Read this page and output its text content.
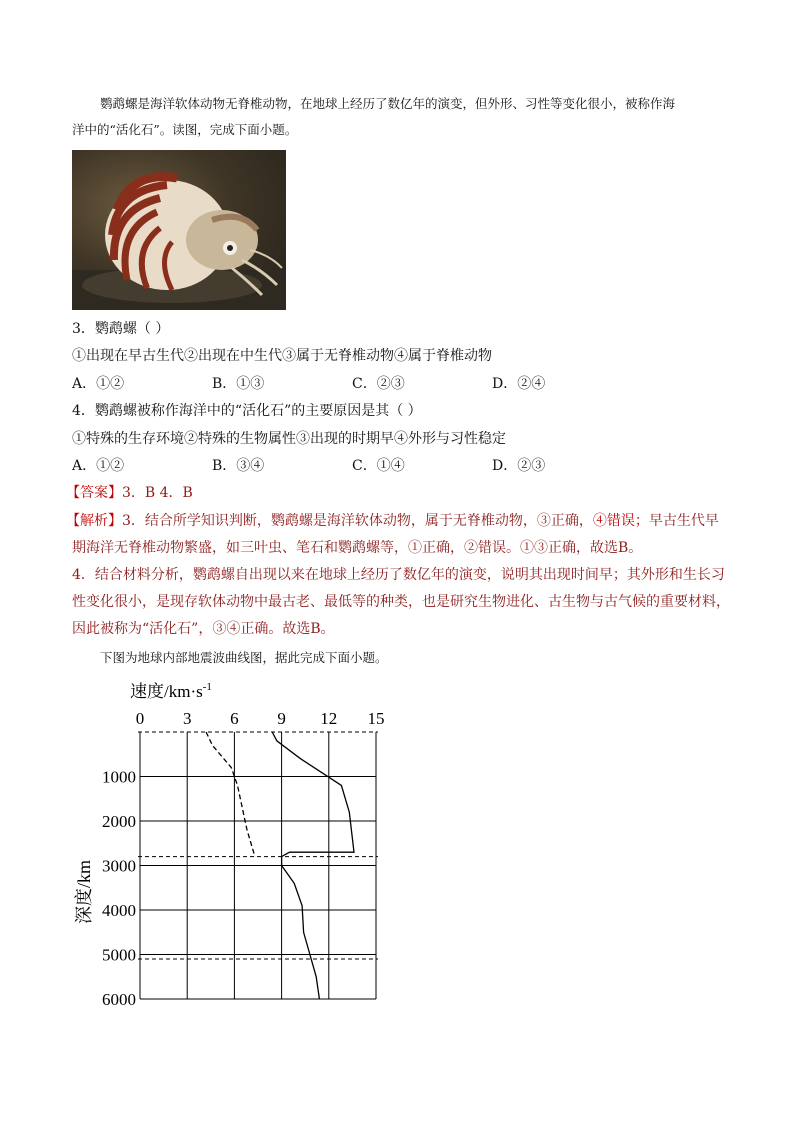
鹦鹉螺是海洋软体动物无脊椎动物，在地球上经历了数亿年的演变，但外形、习性等变化很小，被称作海
洋中的“活化石”。读图，完成下面小题。
3．鹦鹉螺（ ）
①出现在早古生代②出现在中生代③属于无脊椎动物④属于脊椎动物
A．①②	B．①③	C．②③	D．②④
4．鹦鹉螺被称作海洋中的“活化石”的主要原因是其（ ）
①特殊的生存环境②特殊的生物属性③出现的时期早④外形与习性稳定
A．①②	B．③④	C．①④	D．②③
【答案】3．B 4．B
【解析】3．结合所学知识判断，鹦鹉螺是海洋软体动物，属于无脊椎动物，③正确，④错误；早古生代早
期海洋无脊椎动物繁盛，如三叶虫、笔石和鹦鹉螺等，①正确，②错误。①③正确，故选B。
4．结合材料分析，鹦鹉螺自出现以来在地球上经历了数亿年的演变，说明其出现时间早；其外形和生长习
性变化很小，是现存软体动物中最古老、最低等的种类，也是研究生物进化、古生物与古气候的重要材料，
因此被称为“活化石”，③④正确。故选B。
下图为地球内部地震波曲线图，据此完成下面小题。
0 3 6 9 12 15
1000
2000
3000
4000
5000
6000
速度$/km\cdot s^{-1}$
深度/km
